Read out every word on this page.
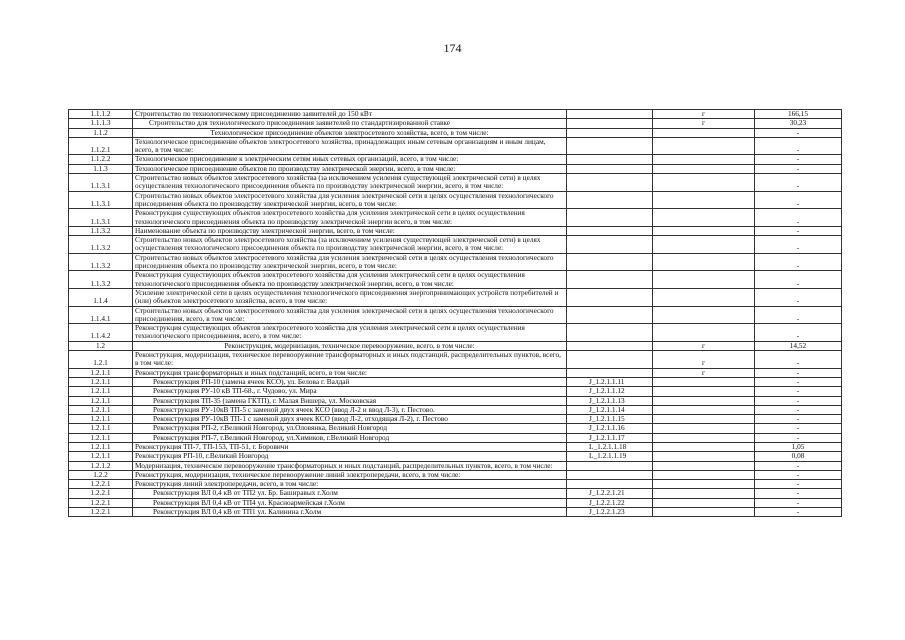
174
1.1.1.2	Строительство по технологическому присоединению заявителей до 150 кВт		г	166,15
1.1.1.3	Строительство для технологического присоединения заявителей по стандартизированной ставке		г	30,23
1.1.2	Технологическое присоединение объектов электросетевого хозяйства, всего, в том числе:			-
1.1.2.1	Технологическое присоединение объектов электросетевого хозяйства, принадлежащих иным сетевым организациям и иным лицам, всего, в том числе:			-
1.1.2.2	Технологическое присоединение к электрическим сетям иных сетевых организаций, всего, в том числе:			-
1.1.3	Технологическое присоединение объектов по производству электрической энергии, всего, в том числе:			-
1.1.3.1	Строительство новых объектов электросетевого хозяйства (за исключением усиления существующей электрической сети) в целях осуществления технологического присоединения объекта по производству электрической энергии, всего, в том числе:			-
1.1.3.1	Строительство новых объектов электросетевого хозяйства для усиления электрической сети в целях осуществления технологического присоединения объекта по производству электрической энергии, всего, в том числе:			-
1.1.3.1	Реконструкция существующих объектов электросетевого хозяйства для усиления электрической сети в целях осуществления технологического присоединения объекта по производству электрической энергии всего, в том числе:			-
1.1.3.2	Наименование объекта по производству электрической энергии, всего, в том числе:			-
1.1.3.2	Строительство новых объектов электросетевого хозяйства (за исключением усиления существующей электрической сети) в целях осуществления технологического присоединения объекта по производству электрической энергии, всего, в том числе:			-
1.1.3.2	Строительство новых объектов электросетевого хозяйства для усиления электрической сети в целях осуществления технологического присоединения объекта по производству электрической энергии, всего, в том числе:			-
1.1.3.2	Реконструкция существующих объектов электросетевого хозяйства для усиления электрической сети в целях осуществления технологического присоединения объекта по производству электрической энергии, всего, в том числе:			-
1.1.4	Усиление электрической сети в целях осуществления технологического присоединения энергопринимающих устройств потребителей и (или) объектов электросетевого хозяйства, всего, в том числе:			-
1.1.4.1	Строительство новых объектов электросетевого хозяйства для усиления электрической сети в целях осуществления технологического присоединения, всего, в том числе:			-
1.1.4.2	Реконструкция существующих объектов электросетевого хозяйства для усиления электрической сети в целях осуществления технологического присоединения, всего, в том числе:			-
1.2	Реконструкция, модернизация, техническое перевооружение, всего, в том числе:		г	14,52
1.2.1	Реконструкция, модернизация, техническое перевооружение трансформаторных и иных подстанций, распределительных пунктов, всего, в том числе:		г	-
1.2.1.1	Реконструкция трансформаторных и иных подстанций, всего, в том числе:		г	-
1.2.1.1	Реконструкция РП-10 (замена ячеек КСО), ул. Белова г. Валдай	J_1.2.1.1.11		-
1.2.1.1	Реконструкция РУ-10 кВ ТП-68., г. Чудово, ул. Мира	J_1.2.1.1.12		-
1.2.1.1	Реконструкция ТП-35 (замена ГКТП), г. Малая Вишера, ул. Московская	J_1.2.1.1.13		-
1.2.1.1	Реконструкция РУ-10кВ ТП-5 с заменой двух ячеек КСО (ввод Л-2 и ввод Л-3), г. Пестово.	J_1.2.1.1.14		-
1.2.1.1	Реконструкция РУ-10кВ ТП-1 с заменой двух ячеек КСО (ввод Л-2, отходящая Л-2), г. Пестово	J_1.2.1.1.15		-
1.2.1.1	Реконструкция РП-2, г.Великий Новгород, ул.Оловянка, Великий Новгород	J_1.2.1.1.16		-
1.2.1.1	Реконструкция РП-7, г.Великий Новгород, ул.Химиков, г.Великий Новгород	J_1.2.1.1.17		-
1.2.1.1	Реконструкция ТП-7, ТП-153, ТП-51, г. Боровичи	L_1.2.1.1.18		1,05
1.2.1.1	Реконструкция РП-10, г.Великий Новгород	L_1.2.1.1.19		0,08
1.2.1.2	Модернизация, техническое перевооружение трансформаторных и иных подстанций, распределительных пунктов, всего, в том числе:			-
1.2.2	Реконструкция, модернизация, техническое перевооружение линий электропередачи, всего, в том числе:			-
1.2.2.1	Реконструкция линий электропередачи, всего, в том числе:			-
1.2.2.1	Реконструкция ВЛ 0,4 кВ от ТП2 ул. Бр. Баширавых г.Холм	J_1.2.2.1.21		-
1.2.2.1	Реконструкция ВЛ 0,4 кВ от ТП4 ул. Красноармейская г.Холм	J_1.2.2.1.22		-
1.2.2.1	Реконструкция ВЛ 0,4 кВ от ТП1 ул. Калинина г.Холм	J_1.2.2.1.23		-
